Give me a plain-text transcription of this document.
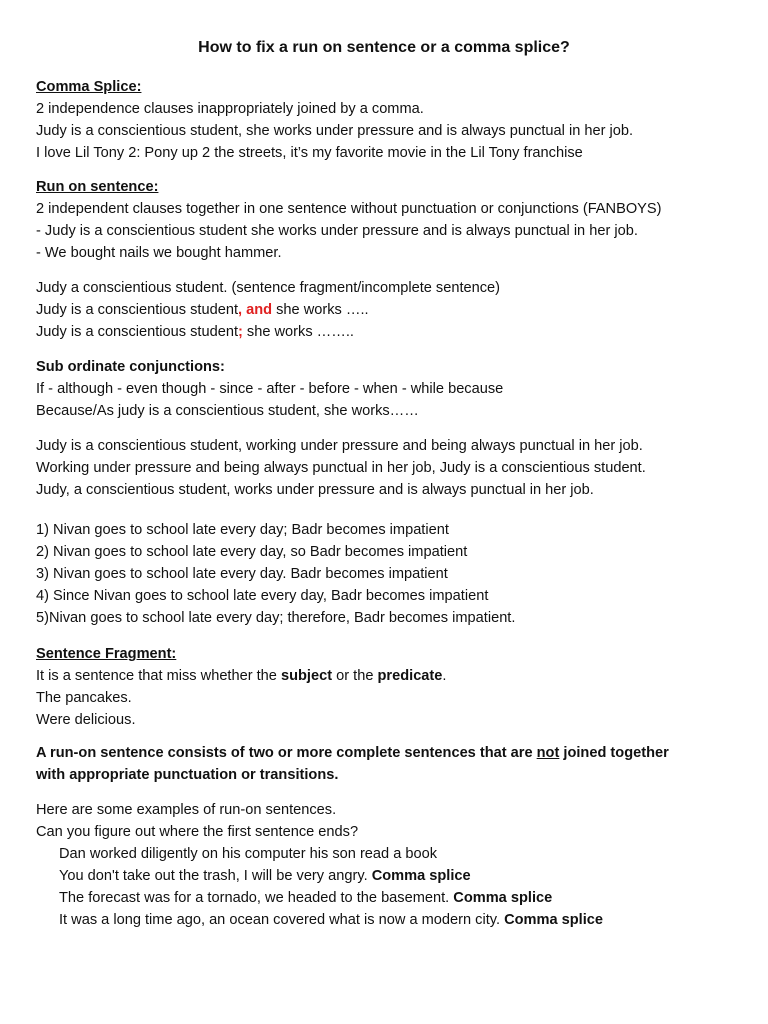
How to fix a run on sentence or a comma splice?
Comma Splice:
2 independence clauses inappropriately joined by a comma.
Judy is a conscientious student, she works under pressure and is always punctual in her job.
I love Lil Tony 2: Pony up 2 the streets, it’s my favorite movie in the Lil Tony franchise
Run on sentence:
2 independent clauses together in one sentence without punctuation or conjunctions (FANBOYS)
- Judy is a conscientious student she works under pressure and is always punctual in her job.
- We bought nails we bought hammer.
Judy a conscientious student. (sentence fragment/incomplete sentence)
Judy is a conscientious student, and she works …..
Judy is a conscientious student; she works ……..
Sub ordinate conjunctions:
If - although - even though - since - after - before - when - while because
Because/As judy is a conscientious student, she works……
Judy is a conscientious student, working under pressure and being always punctual in her job.
Working under pressure and being always punctual in her job, Judy is a conscientious student.
Judy, a conscientious student, works under pressure and is always punctual in her job.
1) Nivan goes to school late every day; Badr becomes impatient
2) Nivan goes to school late every day, so Badr becomes impatient
3) Nivan goes to school late every day. Badr becomes impatient
4) Since Nivan goes to school late every day, Badr becomes impatient
5)Nivan goes to school late every day; therefore, Badr becomes impatient.
Sentence Fragment:
It is a sentence that miss whether the subject or the predicate.
The pancakes.
Were delicious.
A run-on sentence consists of two or more complete sentences that are not joined together
with appropriate punctuation or transitions.
Here are some examples of run-on sentences.
Can you figure out where the first sentence ends?
Dan worked diligently on his computer his son read a book
You don't take out the trash, I will be very angry. Comma splice
The forecast was for a tornado, we headed to the basement. Comma splice
It was a long time ago, an ocean covered what is now a modern city. Comma splice
